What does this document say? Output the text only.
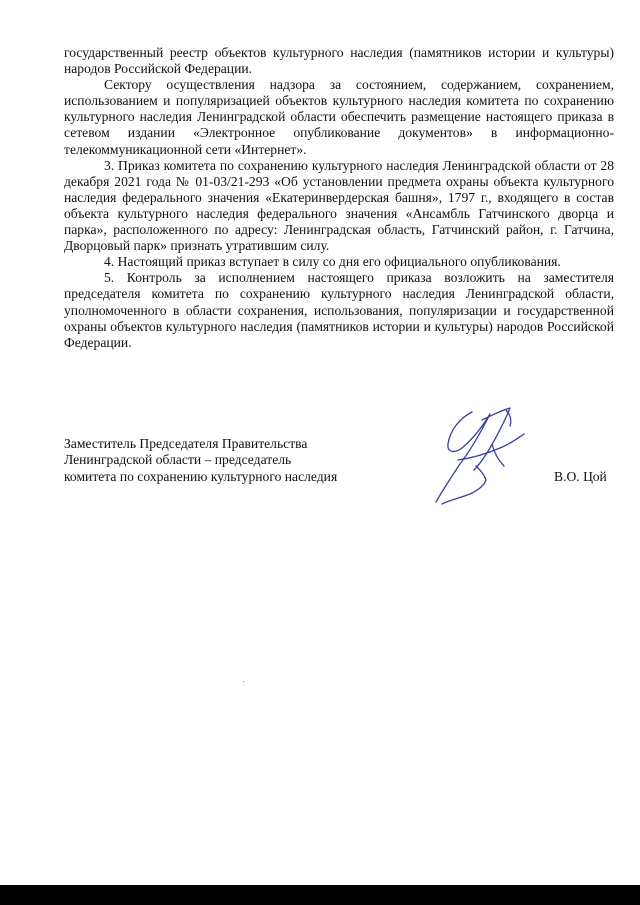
государственный реестр объектов культурного наследия (памятников истории и культуры) народов Российской Федерации.

Сектору осуществления надзора за состоянием, содержанием, сохранением, использованием и популяризацией объектов культурного наследия комитета по сохранению культурного наследия Ленинградской области обеспечить размещение настоящего приказа в сетевом издании «Электронное опубликование документов» в информационно-телекоммуникационной сети «Интернет».

3. Приказ комитета по сохранению культурного наследия Ленинградской области от 28 декабря 2021 года № 01-03/21-293 «Об установлении предмета охраны объекта культурного наследия федерального значения «Екатеринвердерская башня», 1797 г., входящего в состав объекта культурного наследия федерального значения «Ансамбль Гатчинского дворца и парка», расположенного по адресу: Ленинградская область, Гатчинский район, г. Гатчина, Дворцовый парк» признать утратившим силу.

4. Настоящий приказ вступает в силу со дня его официального опубликования.

5. Контроль за исполнением настоящего приказа возложить на заместителя председателя комитета по сохранению культурного наследия Ленинградской области, уполномоченного в области сохранения, использования, популяризации и государственной охраны объектов культурного наследия (памятников истории и культуры) народов Российской Федерации.

Заместитель Председателя Правительства
Ленинградской области – председатель
комитета по сохранению культурного наследия	В.О. Цой
